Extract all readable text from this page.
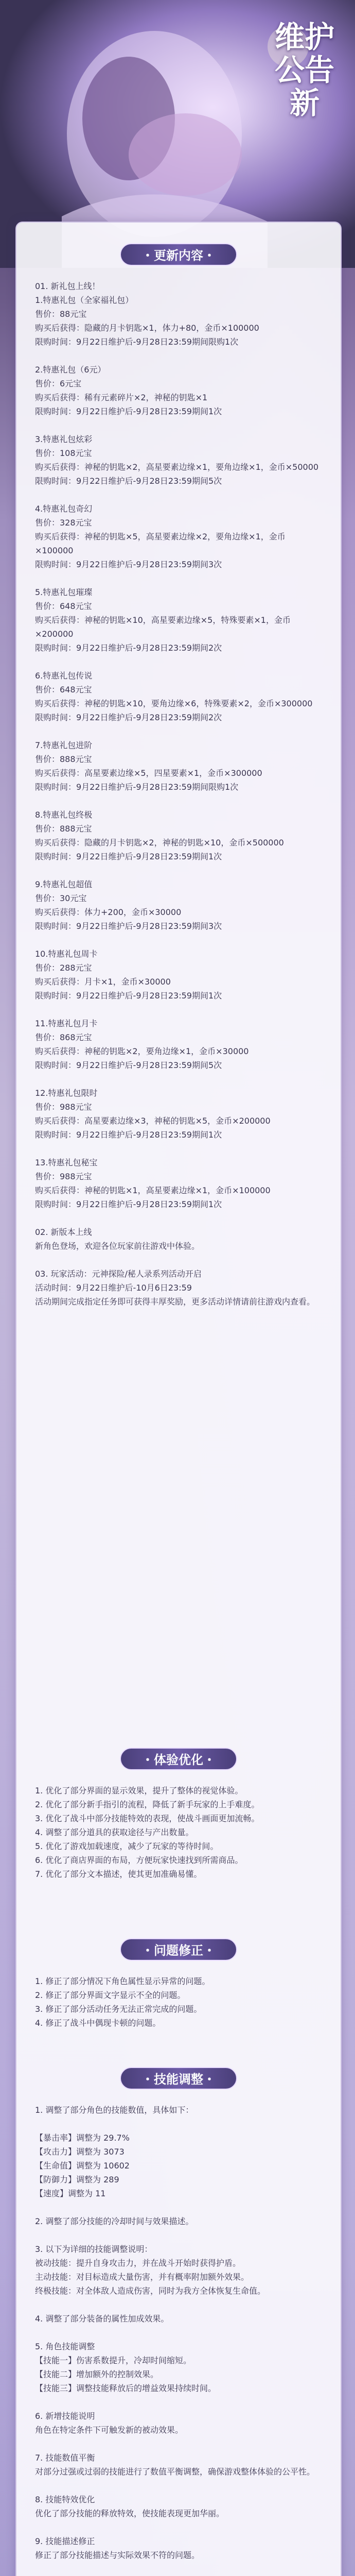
维护公告新
・更新内容・
01. 新礼包上线！
1.特惠礼包（全家福礼包）
售价：88元宝
购买后获得：隐藏的月卡钥匙×1，体力+80，金币×100000
限购时间：9月22日维护后-9月28日23:59期间限购1次

2.特惠礼包（6元）
售价：6元宝
购买后获得：稀有元素碎片×2，神秘的钥匙×1
限购时间：9月22日维护后-9月28日23:59期间1次

3.特惠礼包炫彩
售价：108元宝
购买后获得：神秘的钥匙×2，高星要素边缘×1，要角边缘×1，金币×50000
限购时间：9月22日维护后-9月28日23:59期间5次

4.特惠礼包奇幻
售价：328元宝
购买后获得：神秘的钥匙×5，高星要素边缘×2，要角边缘×1，金币×100000
限购时间：9月22日维护后-9月28日23:59期间3次

5.特惠礼包璀璨
售价：648元宝
购买后获得：神秘的钥匙×10，高星要素边缘×5，特殊要素×1，金币×200000
限购时间：9月22日维护后-9月28日23:59期间2次

6.特惠礼包传说
售价：648元宝
购买后获得：神秘的钥匙×10，要角边缘×6，特殊要素×2，金币×300000
限购时间：9月22日维护后-9月28日23:59期间2次

7.特惠礼包进阶
售价：888元宝
购买后获得：高星要素边缘×5，四星要素×1，金币×300000
限购时间：9月22日维护后-9月28日23:59期间限购1次

8.特惠礼包终极
售价：888元宝
购买后获得：隐藏的月卡钥匙×2，神秘的钥匙×10，金币×500000
限购时间：9月22日维护后-9月28日23:59期间1次

9.特惠礼包超值
售价：30元宝
购买后获得：体力+200，金币×30000
限购时间：9月22日维护后-9月28日23:59期间3次

10.特惠礼包周卡
售价：288元宝
购买后获得：月卡×1，金币×30000
限购时间：9月22日维护后-9月28日23:59期间1次

11.特惠礼包月卡
售价：868元宝
购买后获得：神秘的钥匙×2，要角边缘×1，金币×30000
限购时间：9月22日维护后-9月28日23:59期间5次

12.特惠礼包限时
售价：988元宝
购买后获得：高星要素边缘×3，神秘的钥匙×5，金币×200000
限购时间：9月22日维护后-9月28日23:59期间1次

13.特惠礼包秘宝
售价：988元宝
购买后获得：神秘的钥匙×1，高星要素边缘×1，金币×100000
限购时间：9月22日维护后-9月28日23:59期间1次

02. 新版本上线
新角色登场，欢迎各位玩家前往游戏中体验。

03. 玩家活动：元神探险/秘人录系列活动开启
活动时间：9月22日维护后-10月6日23:59
活动期间完成指定任务即可获得丰厚奖励，更多活动详情请前往游戏内查看。
・体验优化・
1. 优化了部分界面的显示效果，提升了整体的视觉体验。
2. 优化了部分新手指引的流程，降低了新手玩家的上手难度。
3. 优化了战斗中部分技能特效的表现，使战斗画面更加流畅。
4. 调整了部分道具的获取途径与产出数量。
5. 优化了游戏加载速度，减少了玩家的等待时间。
6. 优化了商店界面的布局，方便玩家快速找到所需商品。
7. 优化了部分文本描述，使其更加准确易懂。
・问题修正・
1. 修正了部分情况下角色属性显示异常的问题。
2. 修正了部分界面文字显示不全的问题。
3. 修正了部分活动任务无法正常完成的问题。
4. 修正了战斗中偶现卡顿的问题。
・技能调整・
1. 调整了部分角色的技能数值，具体如下：

【暴击率】调整为 29.7%
【攻击力】调整为 3073
【生命值】调整为 10602
【防御力】调整为 289
【速度】调整为 11

2. 调整了部分技能的冷却时间与效果描述。

3. 以下为详细的技能调整说明：
被动技能：提升自身攻击力，并在战斗开始时获得护盾。
主动技能：对目标造成大量伤害，并有概率附加额外效果。
终极技能：对全体敌人造成伤害，同时为我方全体恢复生命值。

4. 调整了部分装备的属性加成效果。

5. 角色技能调整
【技能一】伤害系数提升，冷却时间缩短。
【技能二】增加额外的控制效果。
【技能三】调整技能释放后的增益效果持续时间。

6. 新增技能说明
角色在特定条件下可触发新的被动效果。

7. 技能数值平衡
对部分过强或过弱的技能进行了数值平衡调整，确保游戏整体体验的公平性。

8. 技能特效优化
优化了部分技能的释放特效，使技能表现更加华丽。

9. 技能描述修正
修正了部分技能描述与实际效果不符的问题。
